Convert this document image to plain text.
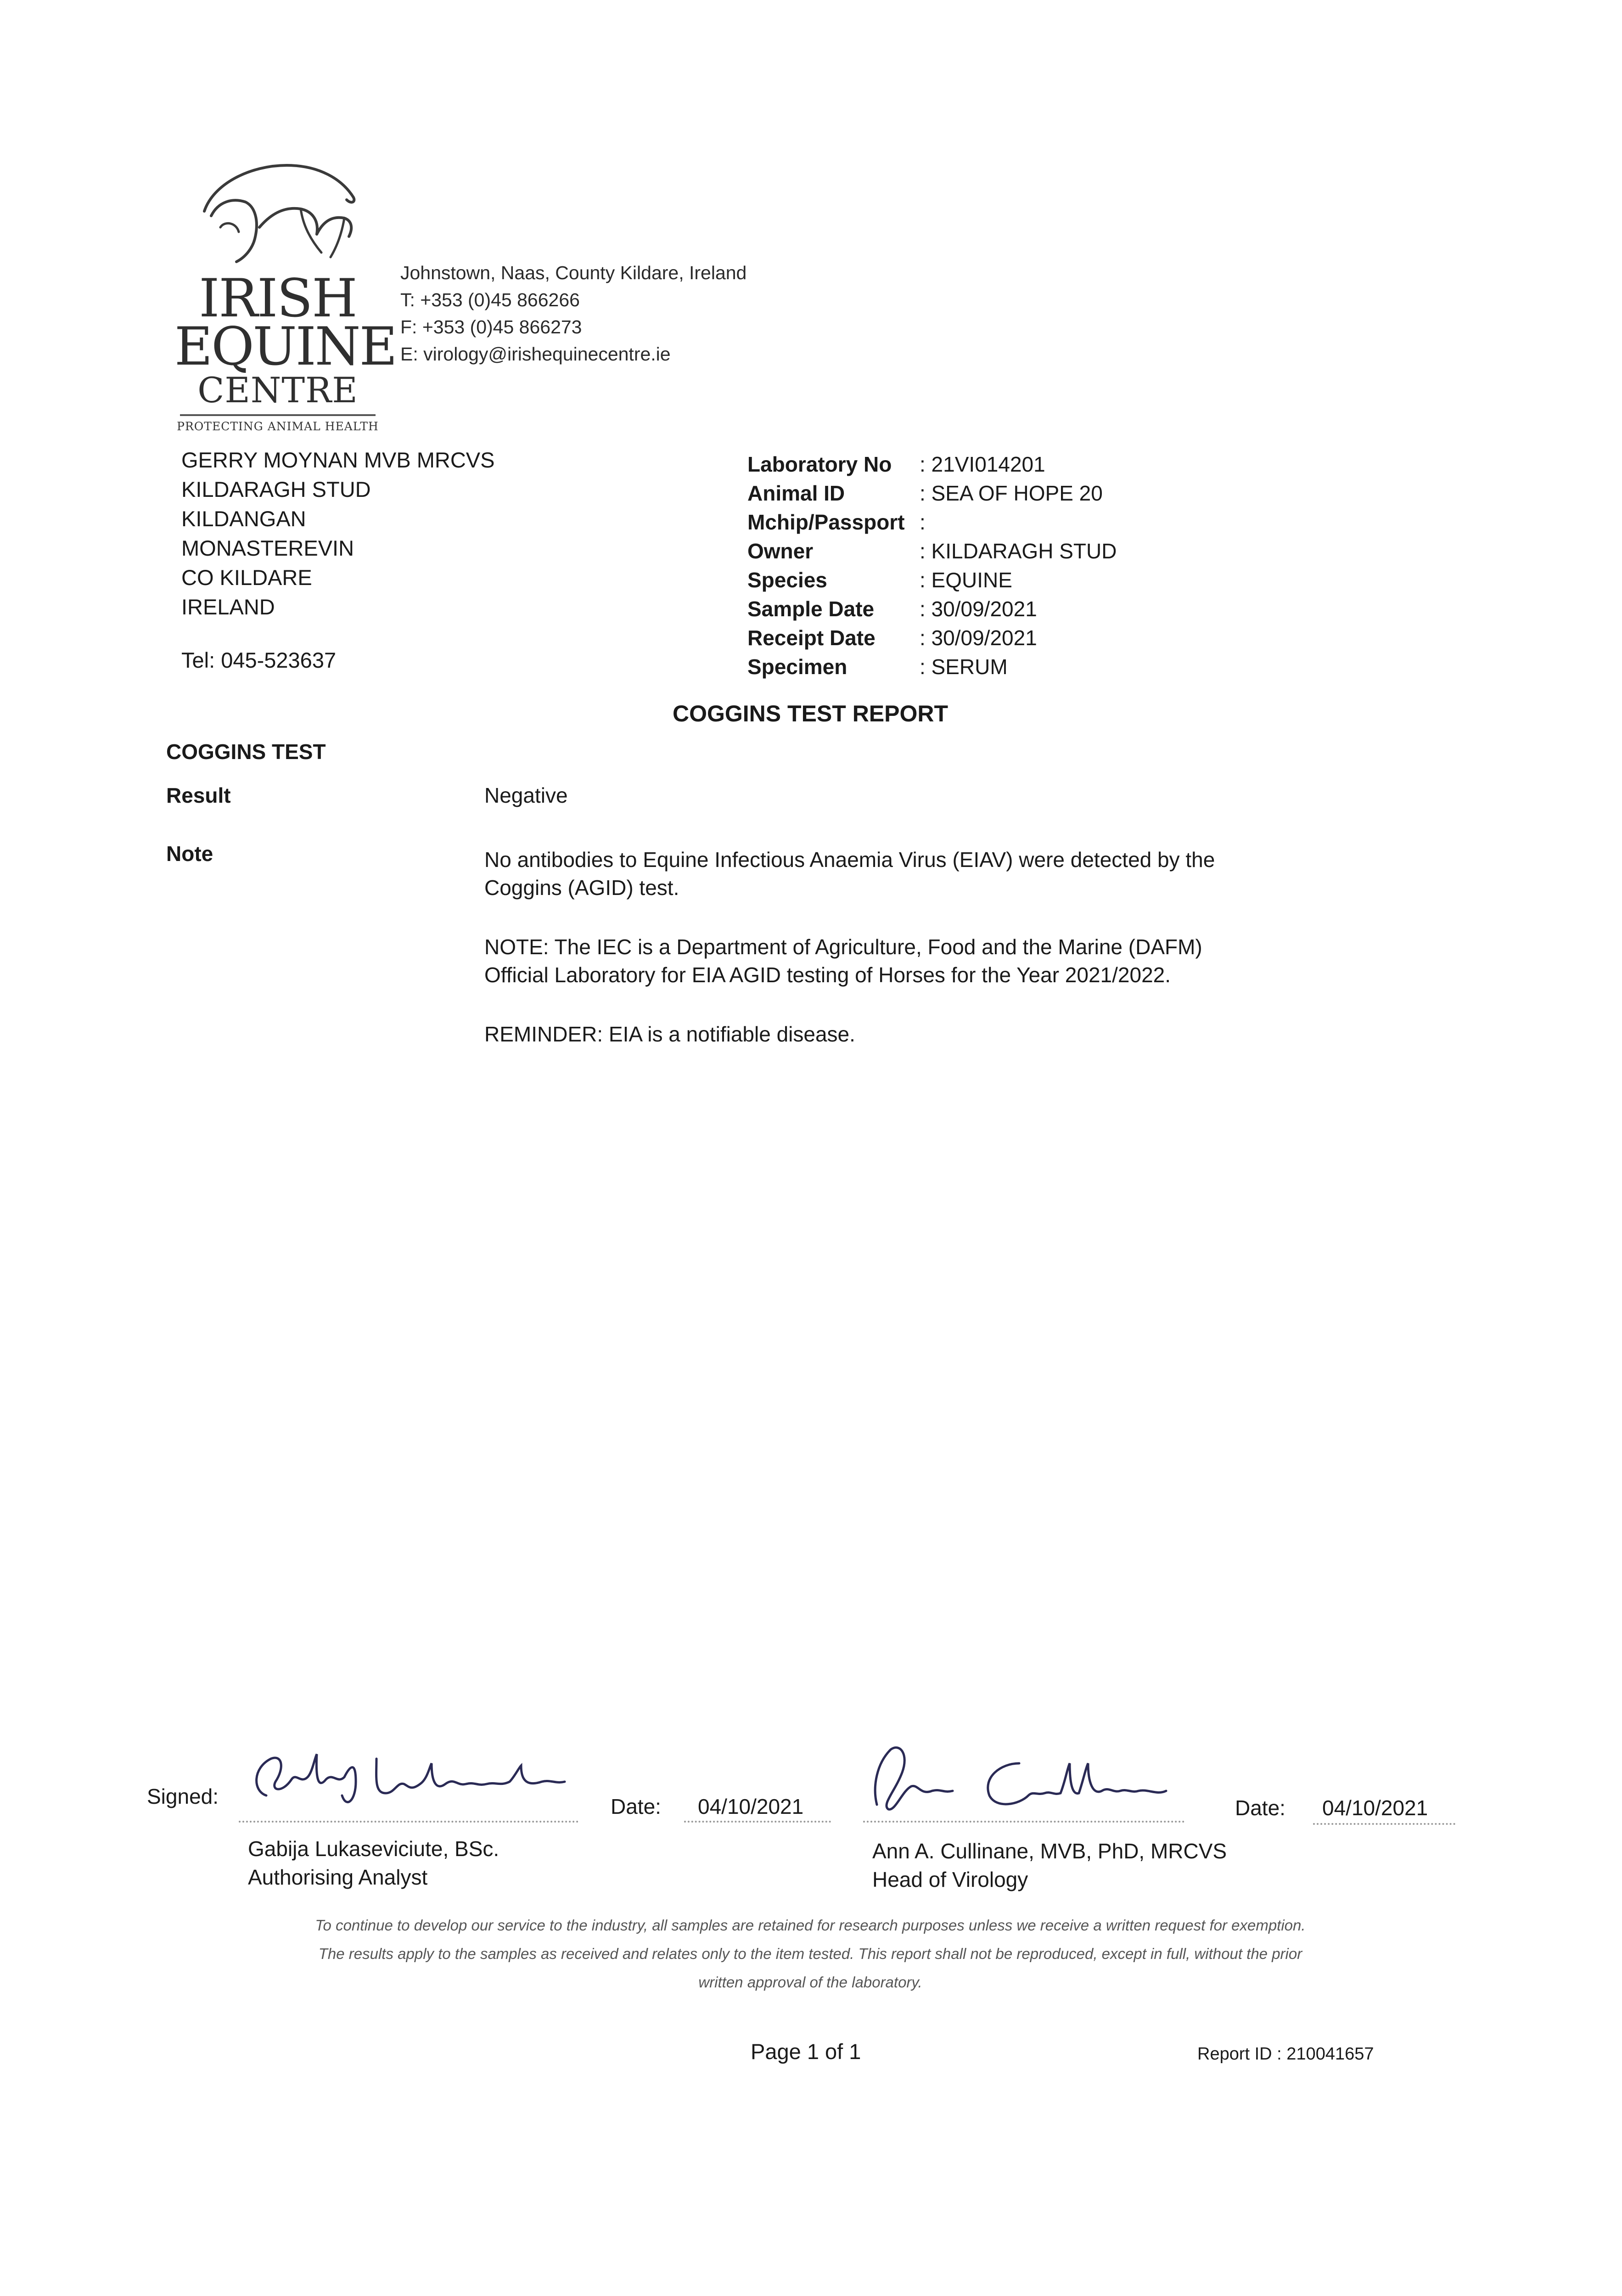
IRISH
EQUINE
CENTRE
PROTECTING ANIMAL HEALTH
Johnstown, Naas, County Kildare, Ireland
T: +353 (0)45 866266
F: +353 (0)45 866273
E: virology@irishequinecentre.ie
GERRY MOYNAN MVB MRCVS
KILDARAGH STUD
KILDANGAN
MONASTEREVIN
CO KILDARE
IRELAND
Tel: 045-523637
Laboratory No	: 21VI014201
Animal ID	: SEA OF HOPE 20
Mchip/Passport :
Owner	: KILDARAGH STUD
Species	: EQUINE
Sample Date	: 30/09/2021
Receipt Date	: 30/09/2021
Specimen	: SERUM
COGGINS TEST REPORT
COGGINS TEST
Result	Negative
Note	No antibodies to Equine Infectious Anaemia Virus (EIAV) were detected by the Coggins (AGID) test.

NOTE: The IEC is a Department of Agriculture, Food and the Marine (DAFM) Official Laboratory for EIA AGID testing of Horses for the Year 2021/2022.

REMINDER: EIA is a notifiable disease.

Signed:	Date: 04/10/2021	Date: 04/10/2021
Gabija Lukaseviciute, BSc.
Authorising Analyst
Ann A. Cullinane, MVB, PhD, MRCVS
Head of Virology
To continue to develop our service to the industry, all samples are retained for research purposes unless we receive a written request for exemption.
The results apply to the samples as received and relates only to the item tested. This report shall not be reproduced, except in full, without the prior
written approval of the laboratory.
Page 1 of 1	Report ID : 210041657
